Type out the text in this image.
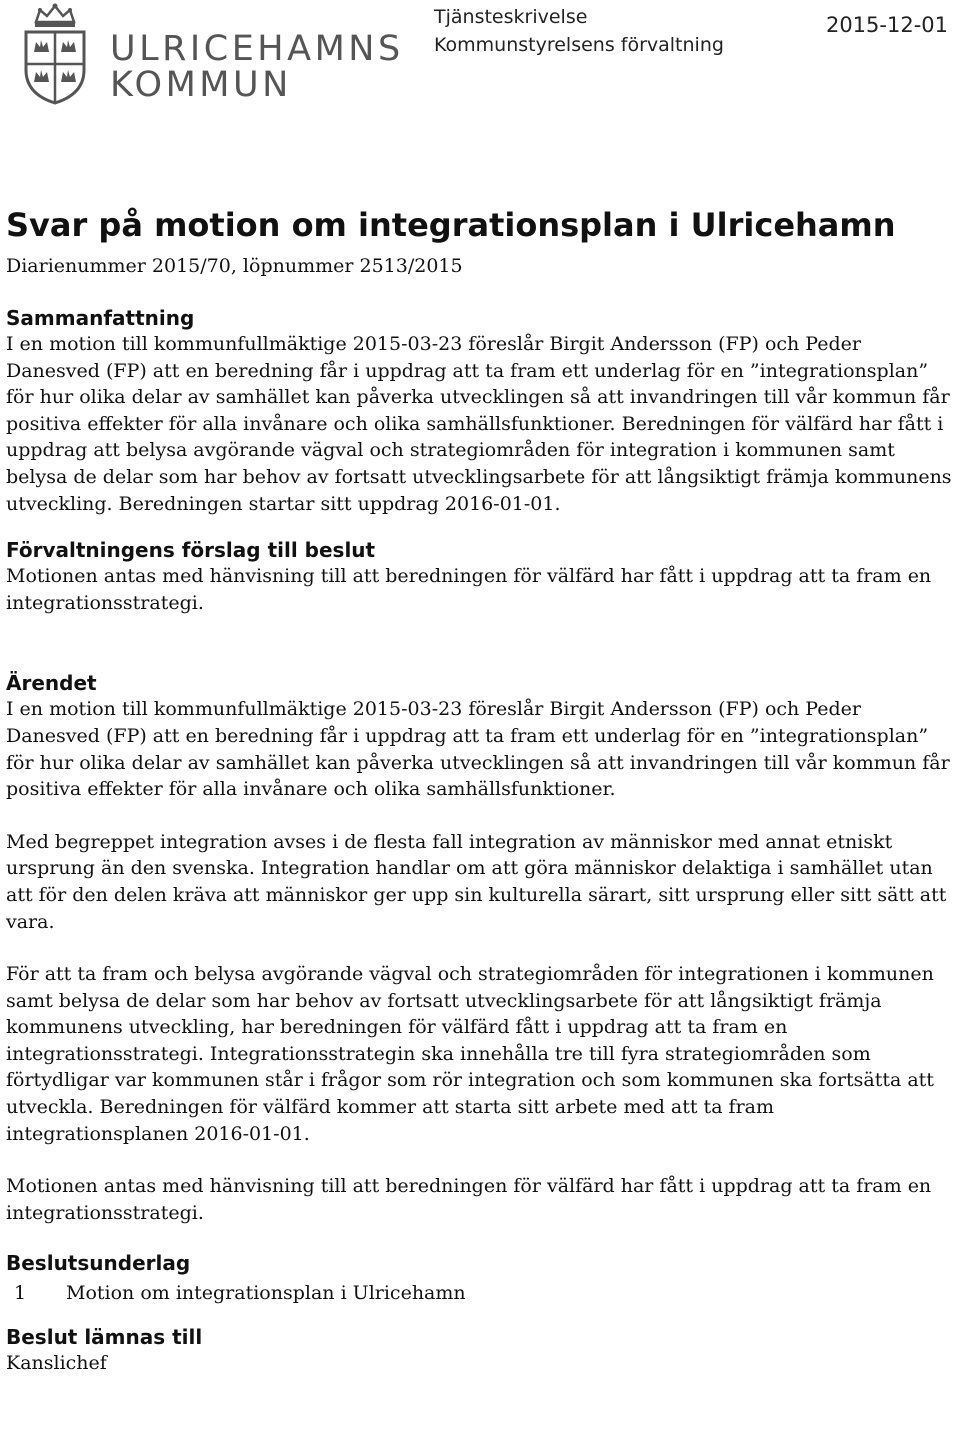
ULRICEHAMNS
KOMMUN
Tjänsteskrivelse
Kommunstyrelsens förvaltning
2015-12-01
Svar på motion om integrationsplan i Ulricehamn
Diarienummer 2015/70, löpnummer 2513/2015
Sammanfattning

I en motion till kommunfullmäktige 2015-03-23 föreslår Birgit Andersson (FP) och Peder Danesved (FP) att en beredning får i uppdrag att ta fram ett underlag för en ”integrationsplan” för hur olika delar av samhället kan påverka utvecklingen så att invandringen till vår kommun får positiva effekter för alla invånare och olika samhällsfunktioner. Beredningen för välfärd har fått i uppdrag att belysa avgörande vägval och strategiområden för integration i kommunen samt belysa de delar som har behov av fortsatt utvecklingsarbete för att långsiktigt främja kommunens utveckling. Beredningen startar sitt uppdrag 2016-01-01.

Förvaltningens förslag till beslut

Motionen antas med hänvisning till att beredningen för välfärd har fått i uppdrag att ta fram en integrationsstrategi.

Ärendet

I en motion till kommunfullmäktige 2015-03-23 föreslår Birgit Andersson (FP) och Peder Danesved (FP) att en beredning får i uppdrag att ta fram ett underlag för en ”integrationsplan” för hur olika delar av samhället kan påverka utvecklingen så att invandringen till vår kommun får positiva effekter för alla invånare och olika samhällsfunktioner.

Med begreppet integration avses i de flesta fall integration av människor med annat etniskt ursprung än den svenska. Integration handlar om att göra människor delaktiga i samhället utan att för den delen kräva att människor ger upp sin kulturella särart, sitt ursprung eller sitt sätt att vara.

För att ta fram och belysa avgörande vägval och strategiområden för integrationen i kommunen samt belysa de delar som har behov av fortsatt utvecklingsarbete för att långsiktigt främja kommunens utveckling, har beredningen för välfärd fått i uppdrag att ta fram en integrationsstrategi. Integrationsstrategin ska innehålla tre till fyra strategiområden som förtydligar var kommunen står i frågor som rör integration och som kommunen ska fortsätta att utveckla. Beredningen för välfärd kommer att starta sitt arbete med att ta fram integrationsplanen 2016-01-01.

Motionen antas med hänvisning till att beredningen för välfärd har fått i uppdrag att ta fram en integrationsstrategi.

Beslutsunderlag
1	Motion om integrationsplan i Ulricehamn
Beslut lämnas till

Kanslichef
